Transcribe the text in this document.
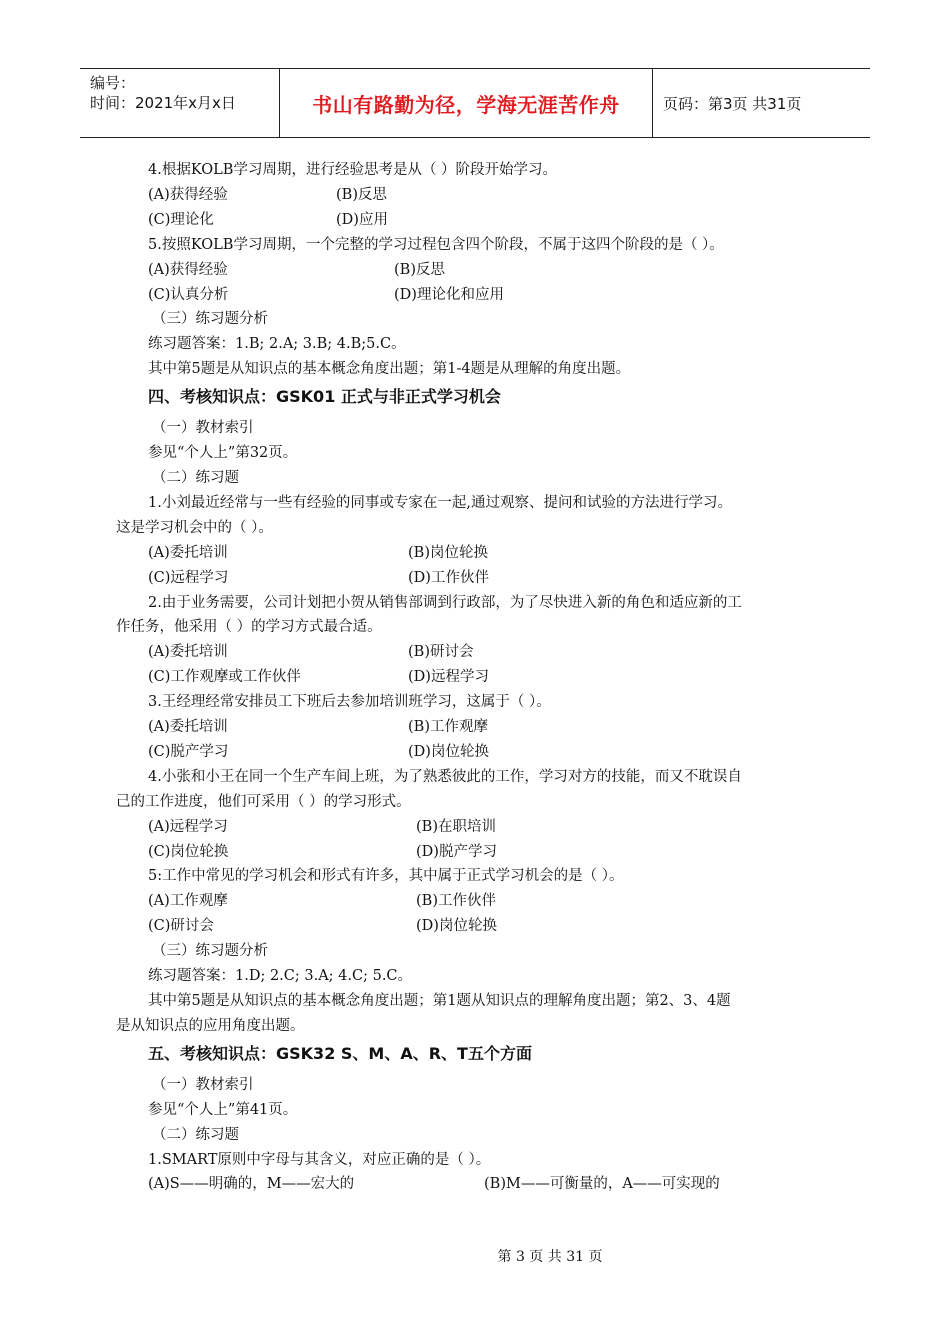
编号：
时间：2021年x月x日	书山有路勤为径，学海无涯苦作舟	页码：第3页 共31页
4.根据KOLB学习周期，进行经验思考是从（ ）阶段开始学习。
(A)获得经验	(B)反思
(C)理论化	(D)应用
5.按照KOLB学习周期，一个完整的学习过程包含四个阶段，不属于这四个阶段的是（ ）。
(A)获得经验	(B)反思
(C)认真分析	(D)理论化和应用
（三）练习题分析
练习题答案：1.B; 2.A; 3.B; 4.B;5.C。
其中第5题是从知识点的基本概念角度出题；第1-4题是从理解的角度出题。
四、考核知识点：GSK01 正式与非正式学习机会
（一）教材索引
参见“个人上”第32页。
（二）练习题
1.小刘最近经常与一些有经验的同事或专家在一起,通过观察、提问和试验的方法进行学习。
这是学习机会中的（ ）。
(A)委托培训	(B)岗位轮换
(C)远程学习	(D)工作伙伴
2.由于业务需要，公司计划把小贺从销售部调到行政部，为了尽快进入新的角色和适应新的工
作任务，他采用（ ）的学习方式最合适。
(A)委托培训	(B)研讨会
(C)工作观摩或工作伙伴	(D)远程学习
3.王经理经常安排员工下班后去参加培训班学习，这属于（ ）。
(A)委托培训	(B)工作观摩
(C)脱产学习	(D)岗位轮换
4.小张和小王在同一个生产车间上班，为了熟悉彼此的工作，学习对方的技能，而又不耽误自
己的工作进度，他们可采用（ ）的学习形式。
(A)远程学习	(B)在职培训
(C)岗位轮换	(D)脱产学习
5:工作中常见的学习机会和形式有许多，其中属于正式学习机会的是（ ）。
(A)工作观摩	(B)工作伙伴
(C)研讨会	(D)岗位轮换
（三）练习题分析
练习题答案：1.D; 2.C; 3.A; 4.C; 5.C。
其中第5题是从知识点的基本概念角度出题；第1题从知识点的理解角度出题；第2、3、4题
是从知识点的应用角度出题。
五、考核知识点：GSK32 S、M、A、R、T五个方面
（一）教材索引
参见“个人上”第41页。
（二）练习题
1.SMART原则中字母与其含义，对应正确的是（ ）。
(A)S——明确的，M——宏大的	(B)M——可衡量的，A——可实现的
第 3 页 共 31 页
